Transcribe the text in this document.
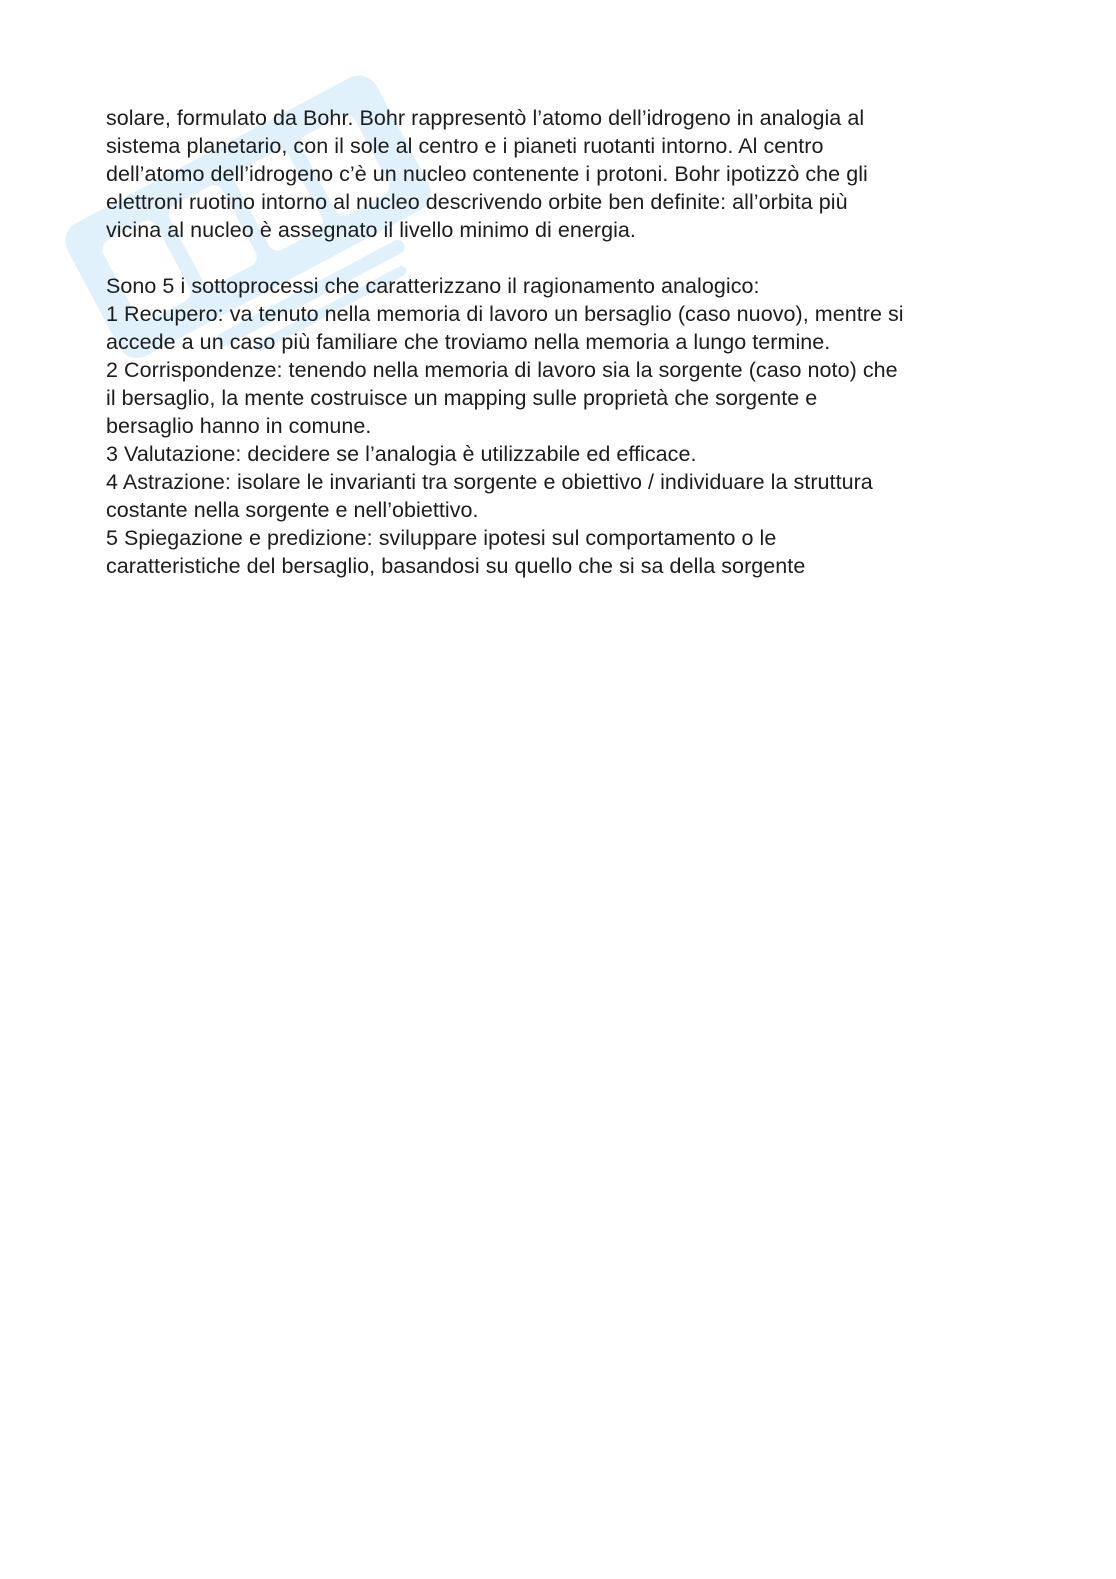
solare, formulato da Bohr. Bohr rappresentò l’atomo dell’idrogeno in analogia al
sistema planetario, con il sole al centro e i pianeti ruotanti intorno. Al centro
dell’atomo dell’idrogeno c’è un nucleo contenente i protoni. Bohr ipotizzò che gli
elettroni ruotino intorno al nucleo descrivendo orbite ben definite: all’orbita più
vicina al nucleo è assegnato il livello minimo di energia.
Sono 5 i sottoprocessi che caratterizzano il ragionamento analogico:
1 Recupero: va tenuto nella memoria di lavoro un bersaglio (caso nuovo), mentre si
accede a un caso più familiare che troviamo nella memoria a lungo termine.
2 Corrispondenze: tenendo nella memoria di lavoro sia la sorgente (caso noto) che
il bersaglio, la mente costruisce un mapping sulle proprietà che sorgente e
bersaglio hanno in comune.
3 Valutazione: decidere se l’analogia è utilizzabile ed efficace.
4 Astrazione: isolare le invarianti tra sorgente e obiettivo / individuare la struttura
costante nella sorgente e nell’obiettivo.
5 Spiegazione e predizione: sviluppare ipotesi sul comportamento o le
caratteristiche del bersaglio, basandosi su quello che si sa della sorgente
